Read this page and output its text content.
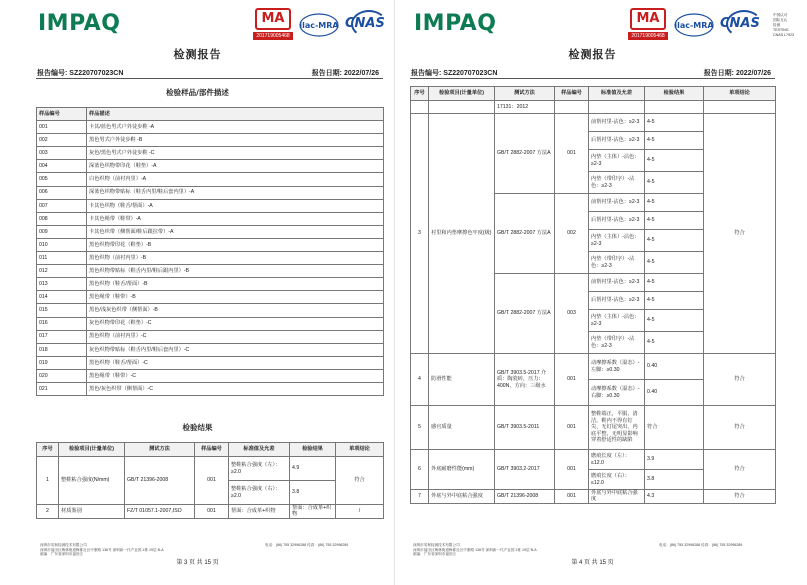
IMPAQ	MA
201719005468
ilac-MRA CNAS
检测报告
报告编号: SZ220707023CN	报告日期: 2022/07/26
检验样品/部件描述
样品编号	样品描述
001	卡其/蓝色男式户外徒步鞋 -A
002	黑色男式户外徒步鞋 -B
003	灰色/黑色男式户外徒步鞋 -C
004	深蓝色织物带印花（鞋垫）-A
005	白色织物（前衬内里）-A
006	深蓝色织物带贴标（鞋舌内里/鞋后套内里）-A
007	卡其色织物（鞋舌/帮面）-A
008	卡其色绳带（鞋带）-A
009	卡其色织带（侧帮面/鞋后跟拉带）-A
010	黑色织物带印花（鞋垫）-B
011	黑色织物（前衬内里）-B
012	黑色织物带贴标（鞋舌内里/鞋后跟内里）-B
013	黑色织物（鞋舌/帮面）-B
014	黑色绳带（鞋带）-B
015	黑色/浅灰色织带（侧帮面）-B
016	灰色织物带印花（鞋垫）-C
017	黑色织物（前衬内里）-C
018	灰色织物带贴标（鞋舌内里/鞋后套内里）-C
019	黑色织物（鞋舌/帮面）-C
020	黑色绳带（鞋带）-C
021	黑色/灰色织带（侧帮面）-C
检验结果
序号	检验项目(计量单位)	测试方法	样品编号	标准值及允差	检验结果	单项结论
1	整鞋粘合强度(N/mm)	GB/T 21396-2008	001	整鞋粘合强度（左）：≥2.0	4.9	符合
				整鞋粘合强度（右）：≥2.0	3.8	
2	材质鉴别	FZ/T 01057.1-2007,ISO	001	帮面：合成革+织物	帮面：合成革+织物	/
深圳市英柯检测技术有限公司
深圳市福田区梅林街道梅都社区中康路 136号 深圳新一代产业园 1栋 19层 B-A
邮编：广东省深圳市福田区
电话：(86) 755 32996288 传真：(86) 755 32996289
第 3 页 共 15 页
IMPAQ	MA
201719005468
ilac-MRA CNAS
中国认可
国际互认
检测
TESTING
CNAS L7923
检测报告
报告编号: SZ220707023CN	报告日期: 2022/07/26
序号	检验项目(计量单位)	测试方法	样品编号	标准值及允差	检验结果	单项结论
		17131：2012				
3	衬里和内垫摩擦色牢度(级)	GB/T 2882-2007 方法A	001	前帮衬里-沾色：≥2-3	4-5	符合
				后帮衬里-沾色：≥2-3	4-5	
				内垫（主体）-沾色：≥2-3	4-5	
				内垫（带印字）-沾色：≥2-3	4-5	
		GB/T 2882-2007 方法A	002	前帮衬里-沾色：≥2-3	4-5	
				后帮衬里-沾色：≥2-3	4-5	
				内垫（主体）-沾色：≥2-3	4-5	
				内垫（带印字）-沾色：≥2-3	4-5	
		GB/T 2882-2007 方法A	003	前帮衬里-沾色：≥2-3	4-5	
				后帮衬里-沾色：≥2-3	4-5	
				内垫（主体）-沾色：≥2-3	4-5	
				内垫（带印字）-沾色：≥2-3	4-5	
4	防滑性能	GB/T 3903.5-2017 介质：陶瓷砖，压力：400N，方向：三级水	001	动摩擦系数（湿态）-左脚：≥0.30	0.40	符合
				动摩擦系数（湿态）-右脚：≥0.30	0.40	
5	感官质量	GB/T 3903.5-2011	001	整鞋端正，平服，清洁，鞋内不得有钉尖，无钉尾突出，内底平整，无明显影响穿着舒适性的缺陷	符合	符合
6	外底耐磨性能(mm)	GB/T 3903.2-2017	001	磨痕长度（左）：≤12.0	3.9	符合
				磨痕长度（右）：≤12.0	3.8	
7	外底与外中底粘合强度	GB/T 21396-2008	001	外底与外中底粘合强度	4.3	符合
深圳市英柯检测技术有限公司
深圳市福田区梅林街道梅都社区中康路 136号 深圳新一代产业园 1栋 19层 B-A
邮编：广东省深圳市福田区
电话：(86) 755 32996288 传真：(86) 755 32996289
第 4 页 共 15 页
